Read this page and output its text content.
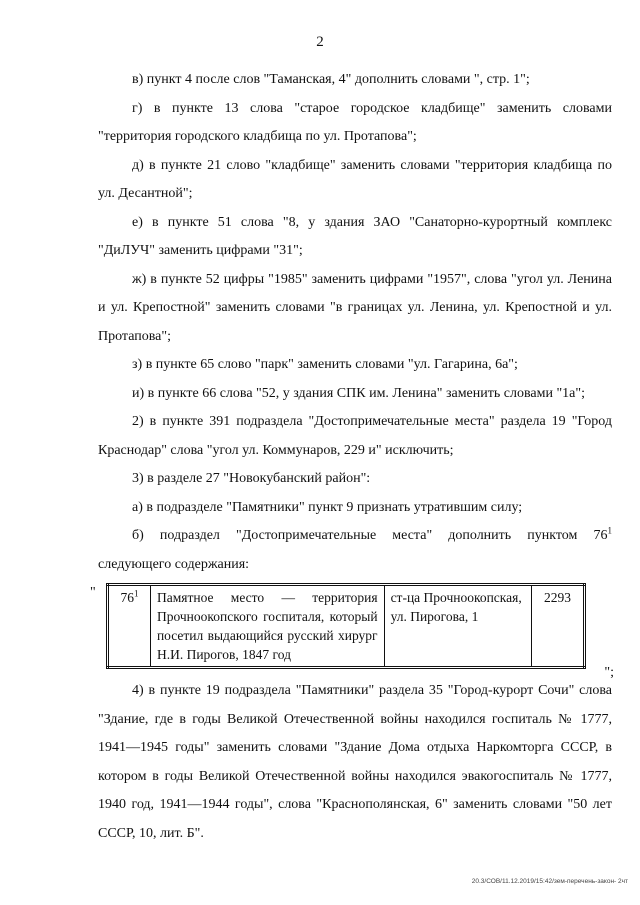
2

в) пункт 4 после слов "Таманская, 4" дополнить словами ", стр. 1";

г) в пункте 13 слова "старое городское кладбище" заменить словами "территория городского кладбища по ул. Протапова";

д) в пункте 21 слово "кладбище" заменить словами "территория кладбища по ул. Десантной";

е) в пункте 51 слова "8, у здания ЗАО "Санаторно-курортный комплекс "ДиЛУЧ" заменить цифрами "31";

ж) в пункте 52 цифры "1985" заменить цифрами "1957", слова "угол ул. Ленина и ул. Крепостной" заменить словами "в границах ул. Ленина, ул. Крепостной и ул. Протапова";

з) в пункте 65 слово "парк" заменить словами "ул. Гагарина, 6а";

и) в пункте 66 слова "52, у здания СПК им. Ленина" заменить словами "1а";

2) в пункте 391 подраздела "Достопримечательные места" раздела 19 "Город Краснодар" слова "угол ул. Коммунаров, 229 и" исключить;

3) в разделе 27 "Новокубанский район":

а) в подразделе "Памятники" пункт 9 признать утратившим силу;

б) подраздел "Достопримечательные места" дополнить пунктом $76^1$ следующего содержания:

" $76^1$	Памятное место — территория Прочноокопского госпиталя, который посетил выдающийся русский хирург Н.И. Пирогов, 1847 год	ст-ца Прочноокопская, ул. Пирогова, 1	2293
";

4) в пункте 19 подраздела "Памятники" раздела 35 "Город-курорт Сочи" слова "Здание, где в годы Великой Отечественной войны находился госпиталь № 1777, 1941—1945 годы" заменить словами "Здание Дома отдыха Наркомторга СССР, в котором в годы Великой Отечественной войны находился эвакогоспиталь № 1777, 1940 год, 1941—1944 годы", слова "Краснополянская, 6" заменить словами "50 лет СССР, 10, лит. Б".

20.3/СОВ/11.12.2019/15:42/зем-перечень-закон- 2чт
